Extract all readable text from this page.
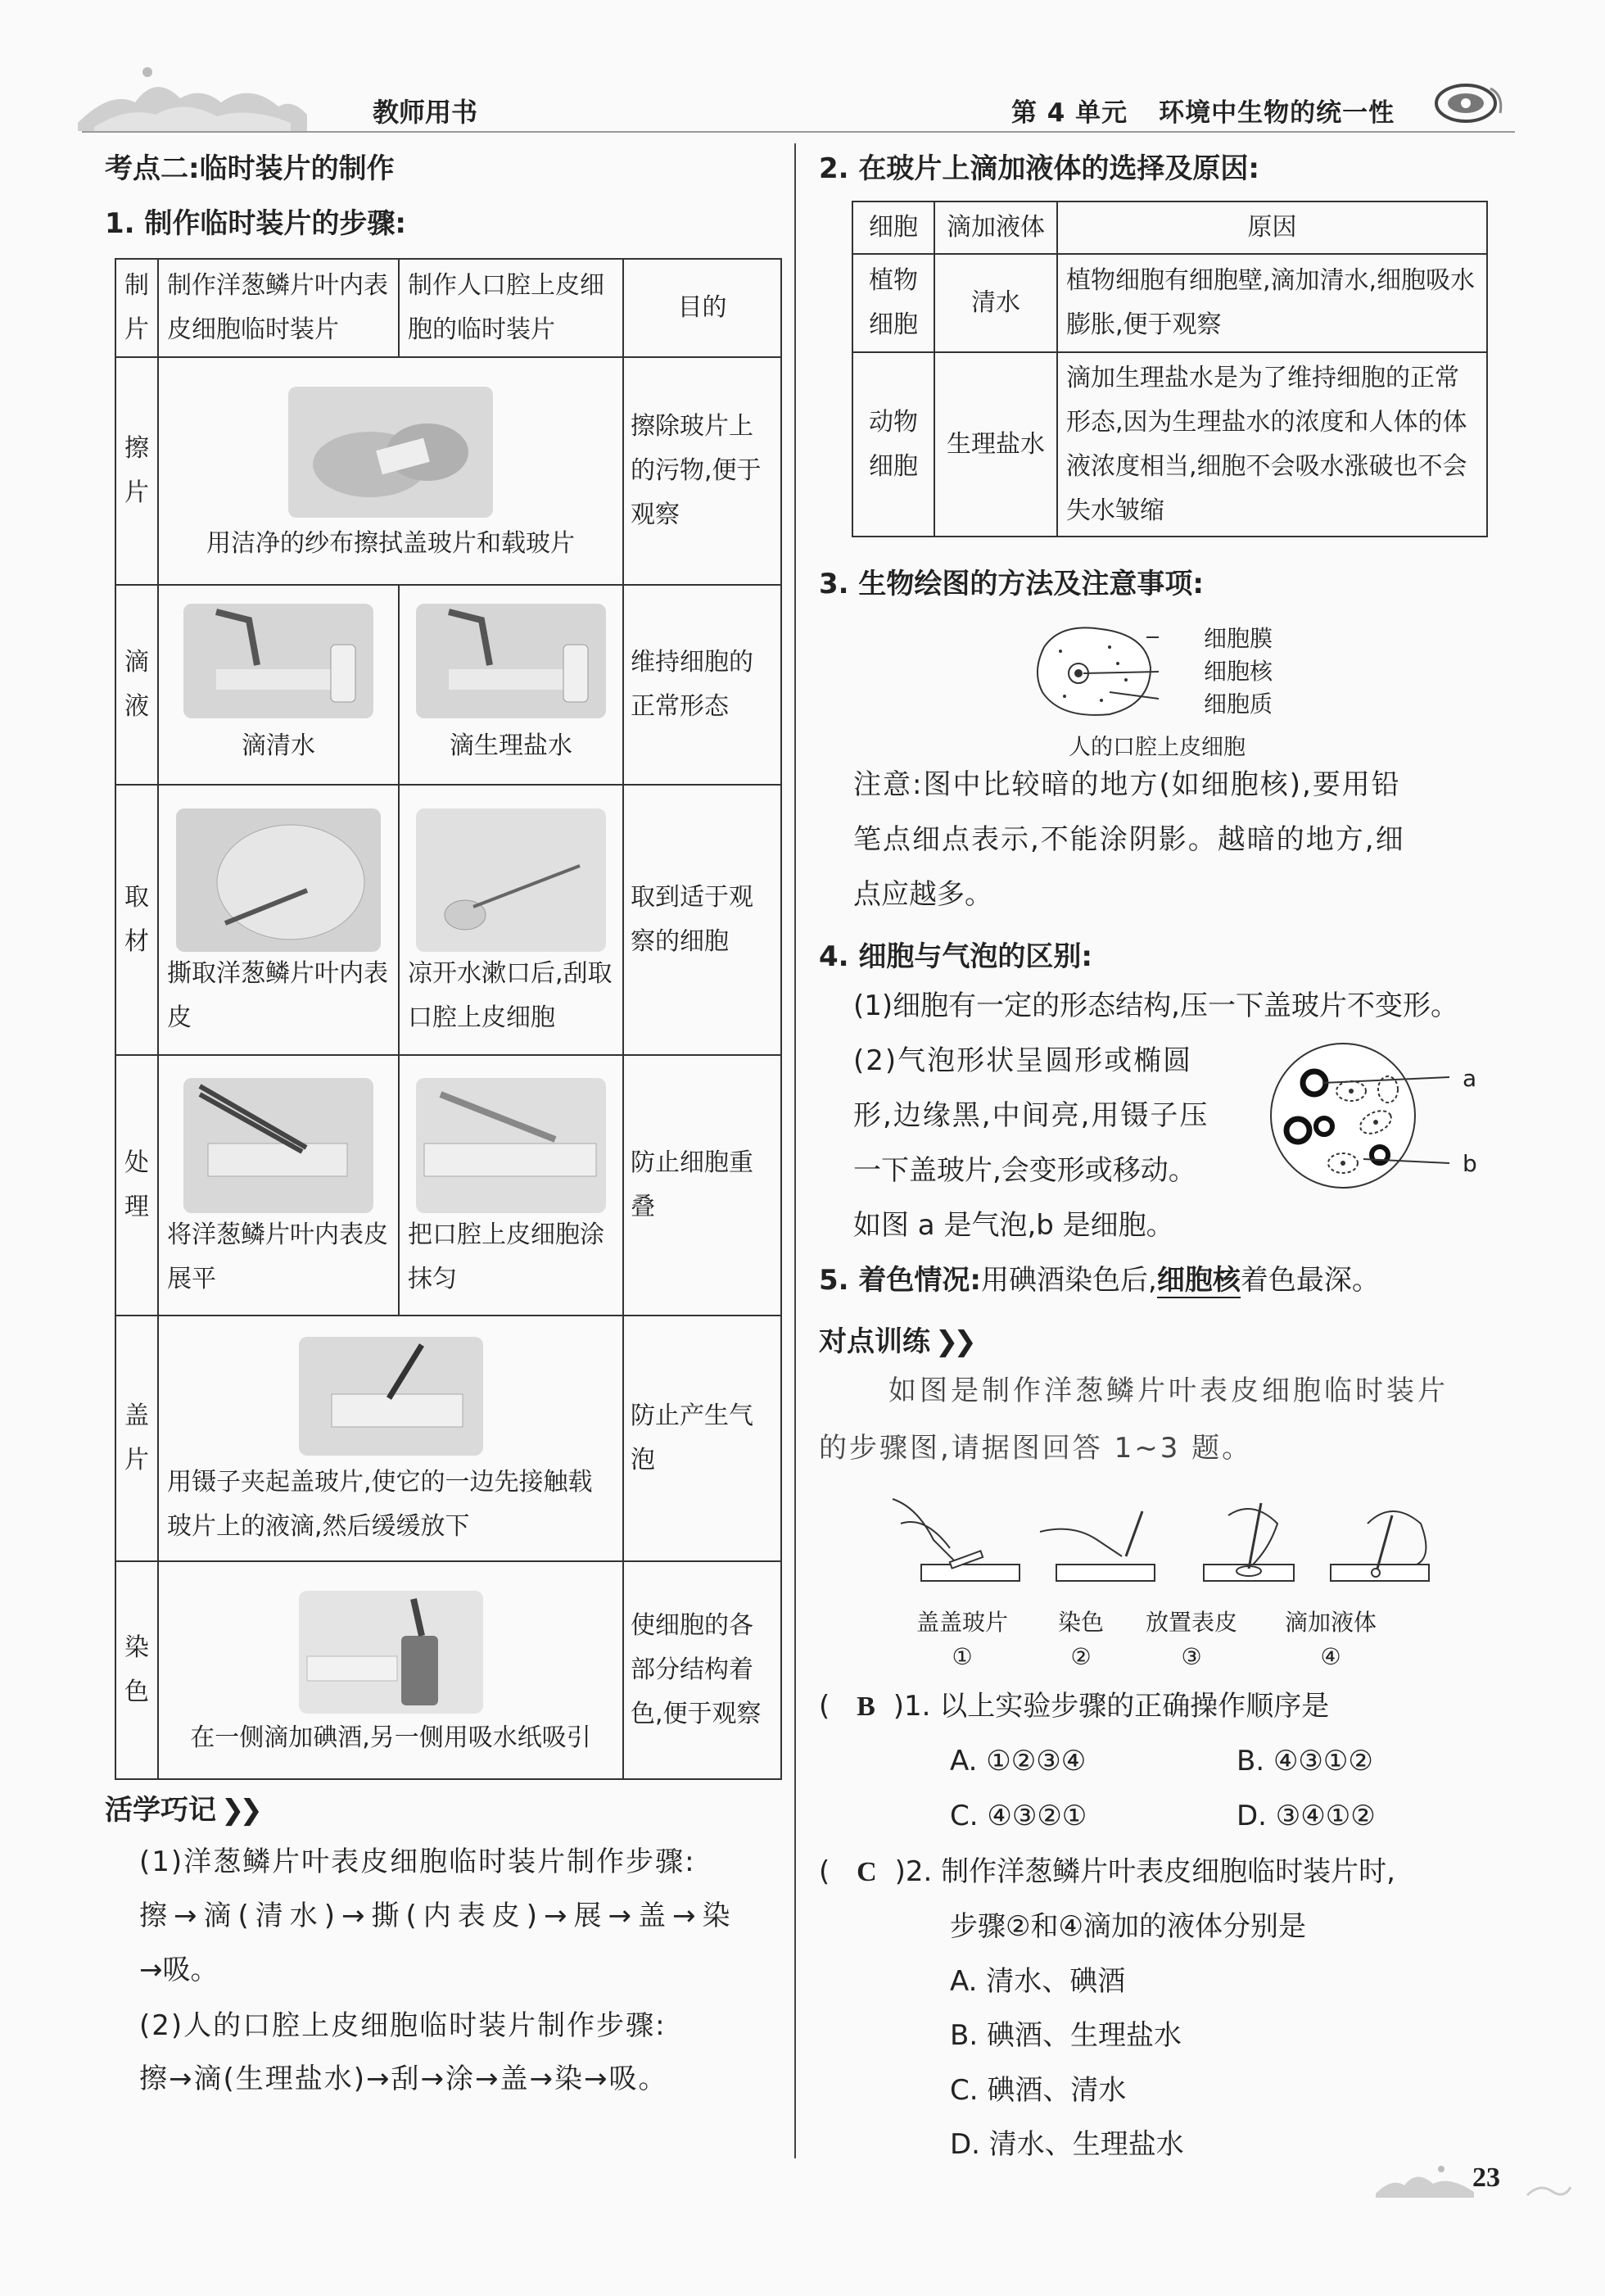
教师用书	第 4 单元 环境中生物的统一性
考点二:临时装片的制作
1. 制作临时装片的步骤:
制片	制作洋葱鳞片叶内表皮细胞临时装片	制作人口腔上皮细胞的临时装片	目的
擦片	用洁净的纱布擦拭盖玻片和载玻片		擦除玻片上的污物,便于观察
滴液	滴清水	滴生理盐水	维持细胞的正常形态
取材	撕取洋葱鳞片叶内表皮	凉开水漱口后,刮取口腔上皮细胞	取到适于观察的细胞
处理	将洋葱鳞片叶内表皮展平	把口腔上皮细胞涂抹匀	防止细胞重叠
盖片	用镊子夹起盖玻片,使它的一边先接触载玻片上的液滴,然后缓缓放下		防止产生气泡
染色	在一侧滴加碘酒,另一侧用吸水纸吸引		使细胞的各部分结构着色,便于观察
活学巧记 ❯❯
(1)洋葱鳞片叶表皮细胞临时装片制作步骤:
擦→滴(清水)→撕(内表皮)→展→盖→染
→吸。
(2)人的口腔上皮细胞临时装片制作步骤:
擦→滴(生理盐水)→刮→涂→盖→染→吸。
2. 在玻片上滴加液体的选择及原因:
细胞	滴加液体	原因
植物细胞	清水	植物细胞有细胞壁,滴加清水,细胞吸水膨胀,便于观察
动物细胞	生理盐水	滴加生理盐水是为了维持细胞的正常形态,因为生理盐水的浓度和人体的体液浓度相当,细胞不会吸水涨破也不会失水皱缩
3. 生物绘图的方法及注意事项:
细胞膜
细胞核
细胞质
人的口腔上皮细胞
注意:图中比较暗的地方(如细胞核),要用铅
笔点细点表示,不能涂阴影。越暗的地方,细
点应越多。
4. 细胞与气泡的区别:
(1)细胞有一定的形态结构,压一下盖玻片不变形。
(2)气泡形状呈圆形或椭圆
形,边缘黑,中间亮,用镊子压
一下盖玻片,会变形或移动。
如图 a 是气泡,b 是细胞。
a
b
5. 着色情况:用碘酒染色后,细胞核着色最深。
对点训练 ❯❯
如图是制作洋葱鳞片叶表皮细胞临时装片
的步骤图,请据图回答 1~3 题。
盖盖玻片
①
染色
②
放置表皮
③
滴加液体
④
( B )1. 以上实验步骤的正确操作顺序是
A. ①②③④	B. ④③①②
C. ④③②①	D. ③④①②
( C )2. 制作洋葱鳞片叶表皮细胞临时装片时,
步骤②和④滴加的液体分别是
A. 清水、碘酒
B. 碘酒、生理盐水
C. 碘酒、清水
D. 清水、生理盐水
23
